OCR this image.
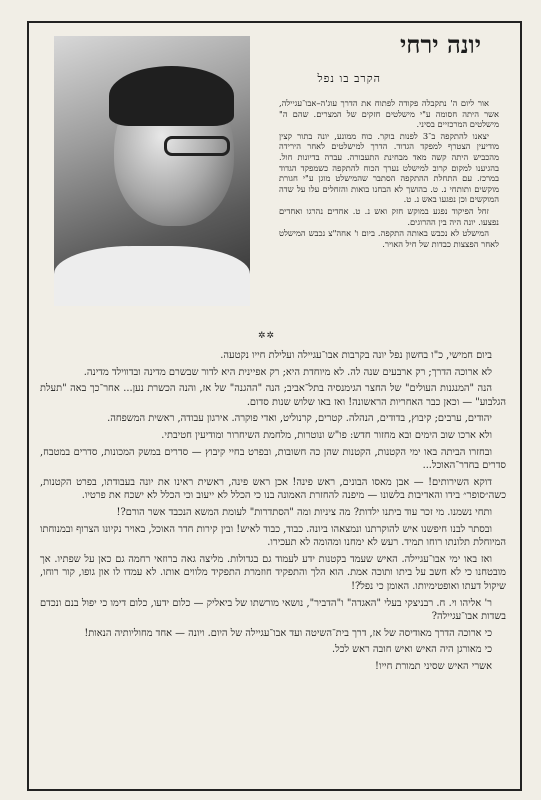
יונה ירחי
הקרב בו נפל

אור ליום ה' נתקבלה פקודה לפתוח את הדרך עוג'ה–אבו־עגיילה, אשר היתה חסומה ע"י מישלטים חזקים של המצרים. שהם ה" מישלטים המרכזיים בסיני.

יצאנו להתקפה ב־3 לפנות בוקר. כוח ממונע, יונה בתור קצין מודיעין הצטרף למפקד הגדוד. הדרך למישלטים לאחר הירידה מהכביש היתה קשה מאד מבחינת התעבורה. עברה בדיונות חול. בהגיענו למקום קרוב למישלט נערך הכוח להתקפה כשמפקד הגדוד במרכז. עם התחלת ההתקפה הסתבר שהמישלט מוגן ע"י חגורת מוקשים ותותחי נ. ט. בהושך לא הבחנו בואות והזחלים עלו על שדה המוקשים וכן נפגעו באש נ. ט.

זחל הפיקוד נפגע במוקש חזק ואש נ. ט. אחדים נהרגו ואחדים נפצעו. יונה היה בין ההרוגים.

המישלט לא נכבש באותה התקפה. ביום ו' אחה"צ נכבש המישלט לאחר הפצצות כבדות של חיל האויר.

✲✲

ביום חמישי, כ"ו בחשון נפל יונה בקרבות אבו־עגיילה ועלילת חייו נקטעה.

לא ארוכה הדרך; רק ארבעים שנה לה. לא מיוחדת היא; רק אפיינית היא לדור שבשרם מדינה ובדווילד מדינה.

הנה "המנגנות העולים" של החצר הגימנסיה בתל־אביב; הנה "ההגנה" של אז, והנה הכשרת נען... אחר־כך באה "תעלת הגלבוע" — וכאן כבר האחריות הראשונה! ואז באו שלוש שנות סדום.

יהודים, ערבים; קיבוץ, בדודים, הנהלה. קטרים, קרנוליט, ואדי פוקרה. אירגון עבודה, ראשית המשפחה.

ולא ארכו שוב הימים ובא מחזור חדש: פו"ש ונוטרות, מלחמת השיחרור ומודיעין חטיבתי.

ובחזרו הביתה באו ימי הקטנות, הקטנות שהן כה חשובות, ובפרט בחיי קיבוץ — סדרים במשק המכונות, סדרים במטבח, סדרים בחדר־האוכל...

דוקא השירותים! — אבן מאסו הבונים, ראש פינה! אכן ראש פינה, ראשית ראינו את יונה בעבודתו, בפרט הקטנות, כשה״סופר״ בידו והאדיבות בלשונו — מיפנה להחזרת האמונה בנו כי הכלל לא ייעוב וכי הכלל לא ישכח את פרטיו.

ותחי נשמנו. מי זכר עוד ביתנו ילדות? מה ציניות ומה "הסתדרות" לעומת המשא הנכבד אשר הורם?!

ובסתר לבנו חיפשנו איש להוקרתנו ונמצאהו ביונה. כבוד, כבוד לאיש! ובין קירות חדר האוכל, באויר נקיונו הצרוף ובמנוחתו המיוחלת תלונתו רוחו תמיד. רעש לא ימחנו ומהומה לא תעכירו.

ואז באו ימי אבו־עגיילה. האיש שעמד בקטנות ידע לעמוד גם בגדולות. מליצה גאה ברוזאי רחמה גם כאן על שפתיו. אך מובטחנו כי לא חשב על ביתו ותוכה אמת. הוא הלך והתפקיד חוזמרת התפקיד מלווים אותו. לא עמדו לו און גופו, קור רוחו, שיקול דעתו ואופטימיותו. האומן כי נפל?!

ר' אליהו וי. ח. רבניצקי בעלי "האגדה" ו"הדביר", נושאי מורשתו של ביאליק — כלום ידעו, כלום דימו כי יפול בנם ונכדם בשדות אבו־עגיילה?

כי ארוכה הדרך מאודיסה של אז, דרך בית־השיטה ועד אבו־עגיילה של היום. ויונה — אחד מחוליותיה הנאות!

כי מאורגן היה האיש ואיש חובה ראש לכל.

אשרי האיש שסיני תמורת חייו!
